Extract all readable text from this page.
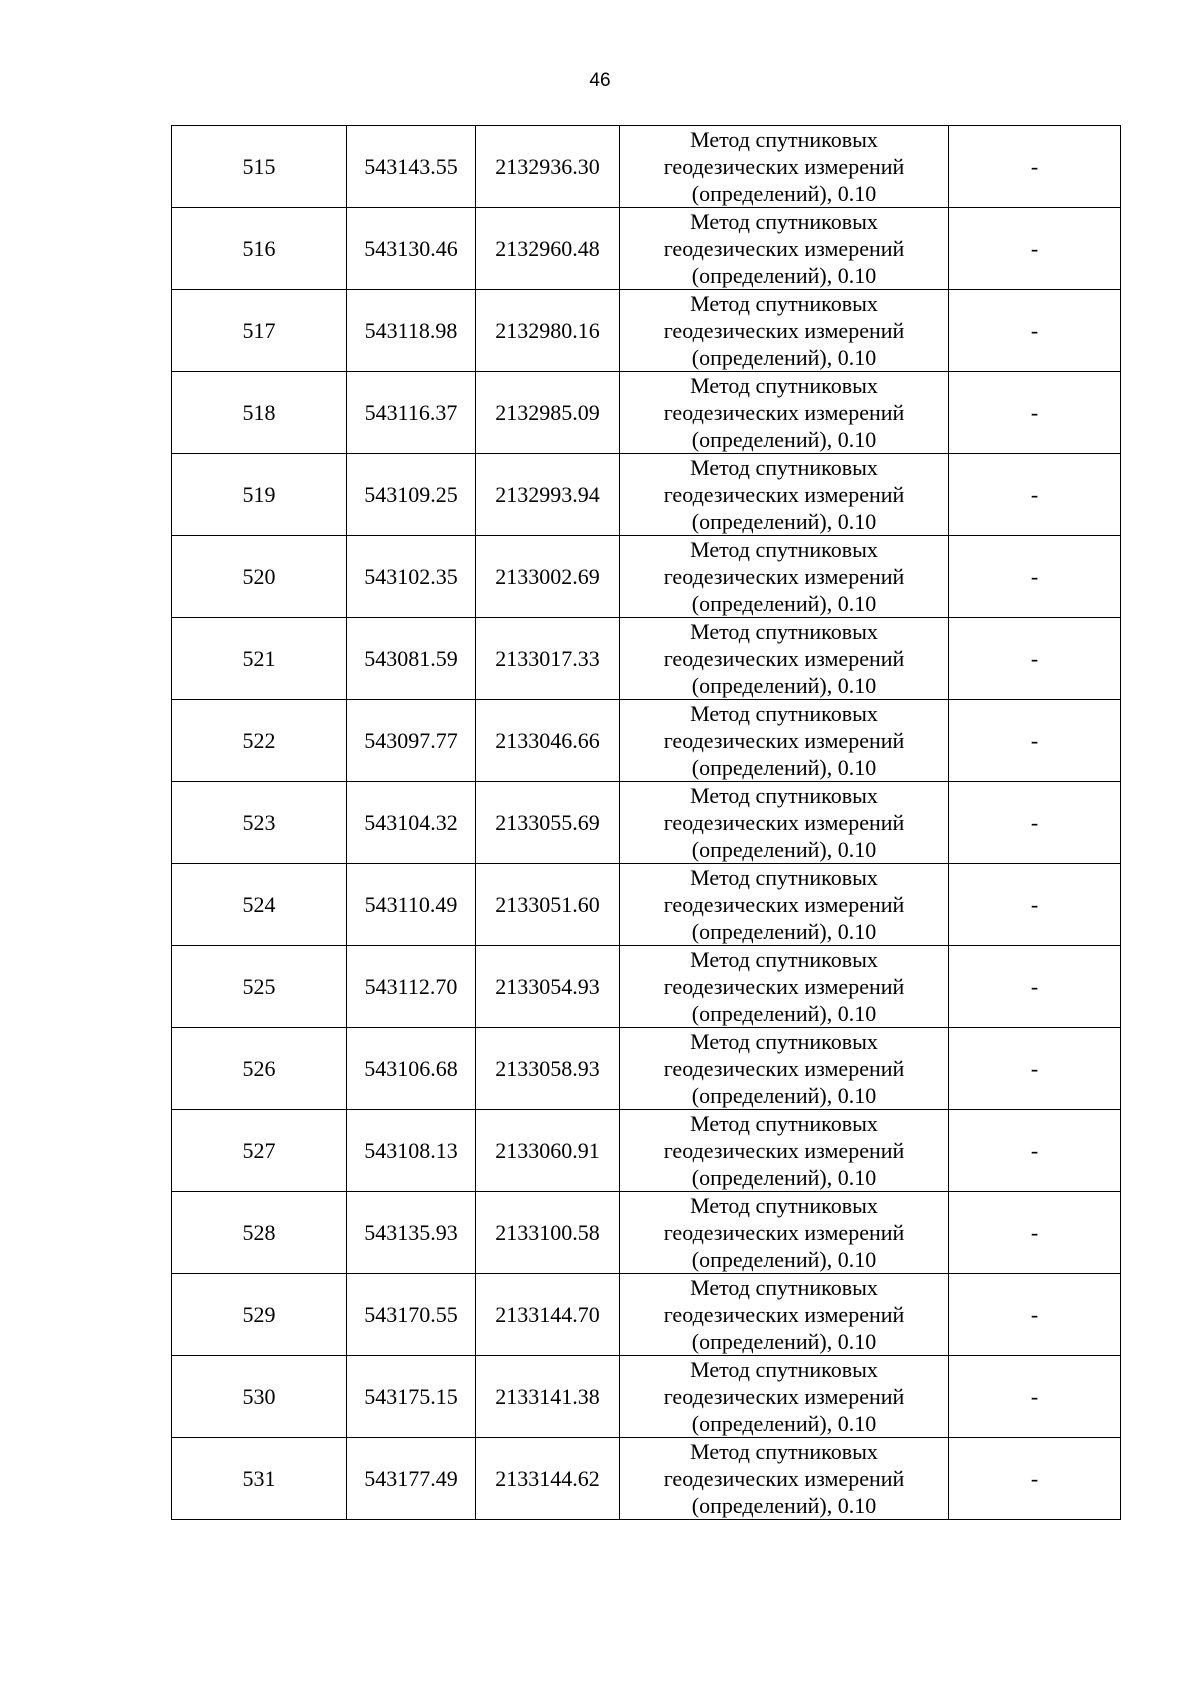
46
515	543143.55	2132936.30	Метод спутниковых
геодезических измерений
(определений), 0.10	-
516	543130.46	2132960.48	Метод спутниковых
геодезических измерений
(определений), 0.10	-
517	543118.98	2132980.16	Метод спутниковых
геодезических измерений
(определений), 0.10	-
518	543116.37	2132985.09	Метод спутниковых
геодезических измерений
(определений), 0.10	-
519	543109.25	2132993.94	Метод спутниковых
геодезических измерений
(определений), 0.10	-
520	543102.35	2133002.69	Метод спутниковых
геодезических измерений
(определений), 0.10	-
521	543081.59	2133017.33	Метод спутниковых
геодезических измерений
(определений), 0.10	-
522	543097.77	2133046.66	Метод спутниковых
геодезических измерений
(определений), 0.10	-
523	543104.32	2133055.69	Метод спутниковых
геодезических измерений
(определений), 0.10	-
524	543110.49	2133051.60	Метод спутниковых
геодезических измерений
(определений), 0.10	-
525	543112.70	2133054.93	Метод спутниковых
геодезических измерений
(определений), 0.10	-
526	543106.68	2133058.93	Метод спутниковых
геодезических измерений
(определений), 0.10	-
527	543108.13	2133060.91	Метод спутниковых
геодезических измерений
(определений), 0.10	-
528	543135.93	2133100.58	Метод спутниковых
геодезических измерений
(определений), 0.10	-
529	543170.55	2133144.70	Метод спутниковых
геодезических измерений
(определений), 0.10	-
530	543175.15	2133141.38	Метод спутниковых
геодезических измерений
(определений), 0.10	-
531	543177.49	2133144.62	Метод спутниковых
геодезических измерений
(определений), 0.10	-
